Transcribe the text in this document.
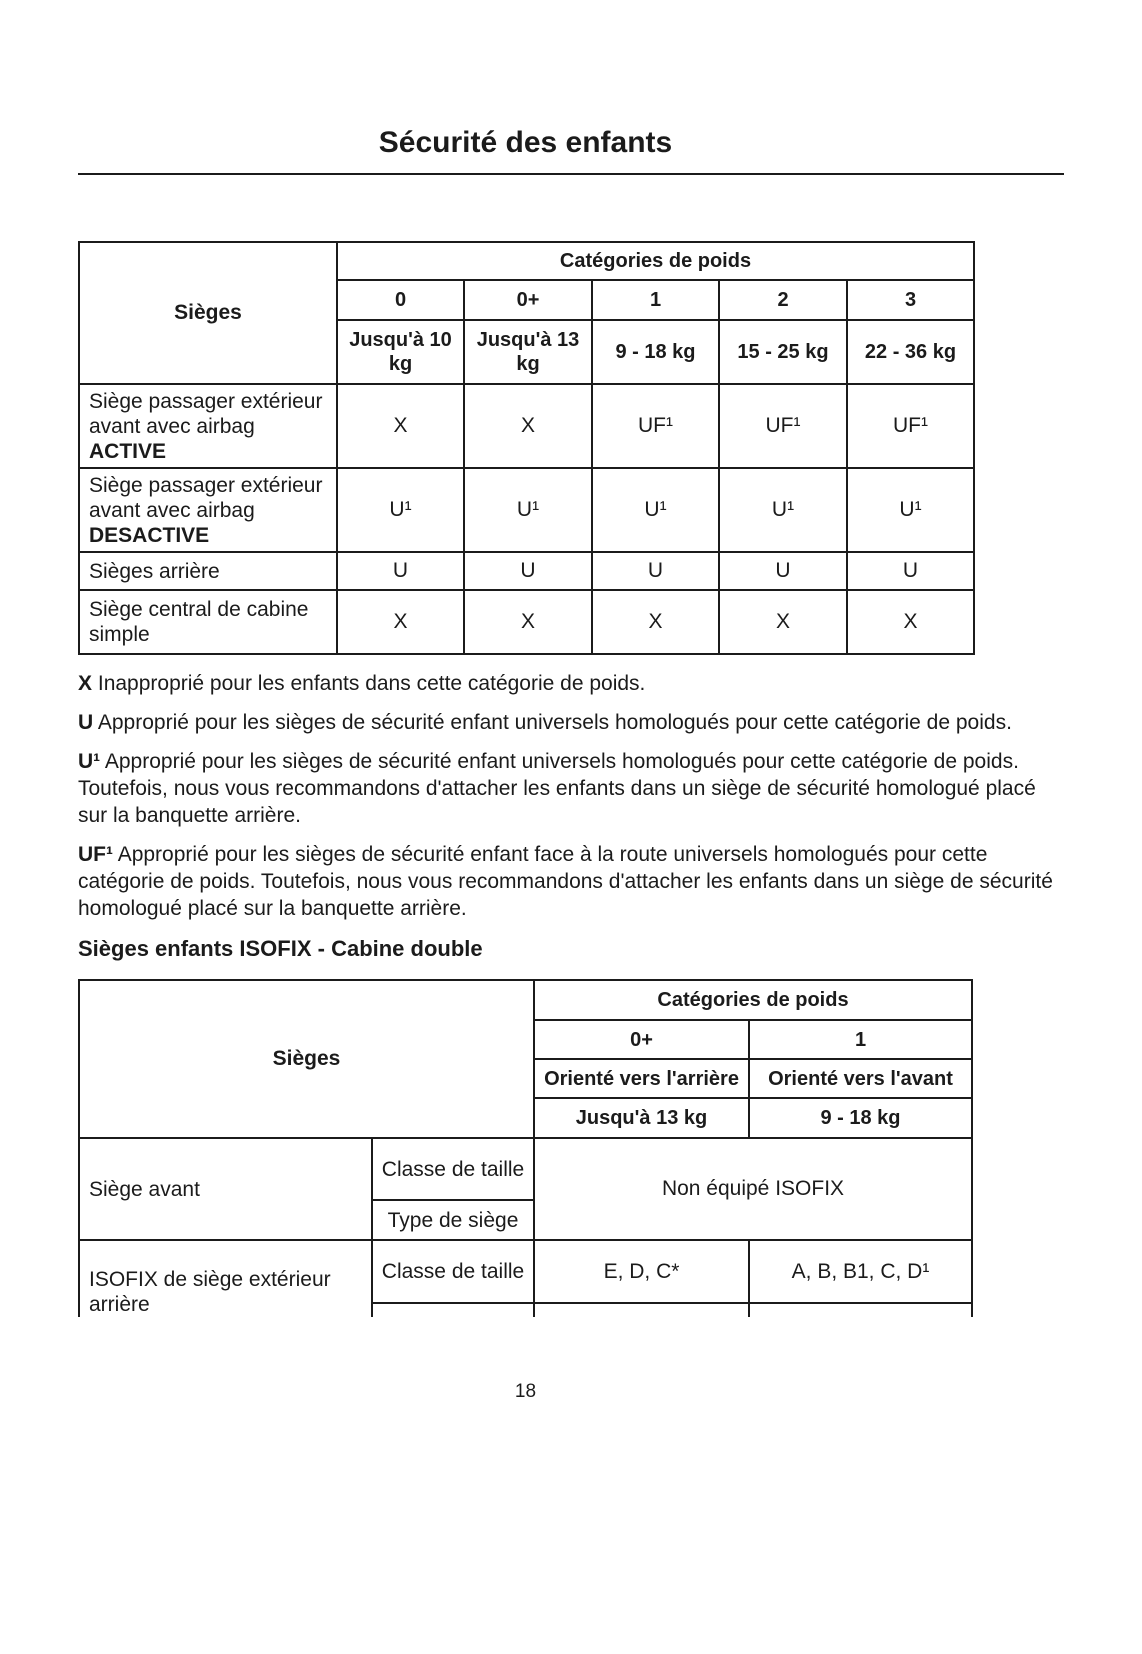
Sécurité des enfants
Sièges	Catégories de poids				
	0	0+	1	2	3
	Jusqu'à 10 kg	Jusqu'à 13 kg	9 - 18 kg	15 - 25 kg	22 - 36 kg
Siège passager extérieur avant avec airbag
ACTIVE	X	X	UF¹	UF¹	UF¹
Siège passager extérieur avant avec airbag
DESACTIVE	U¹	U¹	U¹	U¹	U¹
Sièges arrière	U	U	U	U	U
Siège central de cabine simple	X	X	X	X	X

X Inapproprié pour les enfants dans cette catégorie de poids.

U Approprié pour les sièges de sécurité enfant universels homologués pour cette catégorie de poids.

U¹ Approprié pour les sièges de sécurité enfant universels homologués pour cette catégorie de poids. Toutefois, nous vous recommandons d'attacher les enfants dans un siège de sécurité homologué placé sur la banquette arrière.

UF¹ Approprié pour les sièges de sécurité enfant face à la route universels homologués pour cette catégorie de poids. Toutefois, nous vous recommandons d'attacher les enfants dans un siège de sécurité homologué placé sur la banquette arrière.

Sièges enfants ISOFIX - Cabine double
Sièges		Catégories de poids	
		0+	1
		Orienté vers l'arrière	Orienté vers l'avant
		Jusqu'à 13 kg	9 - 18 kg
Siège avant	Classe de taille	Non équipé ISOFIX	
	Type de siège		
ISOFIX de siège extérieur arrière	Classe de taille	E, D, C*	A, B, B1, C, D¹

18
